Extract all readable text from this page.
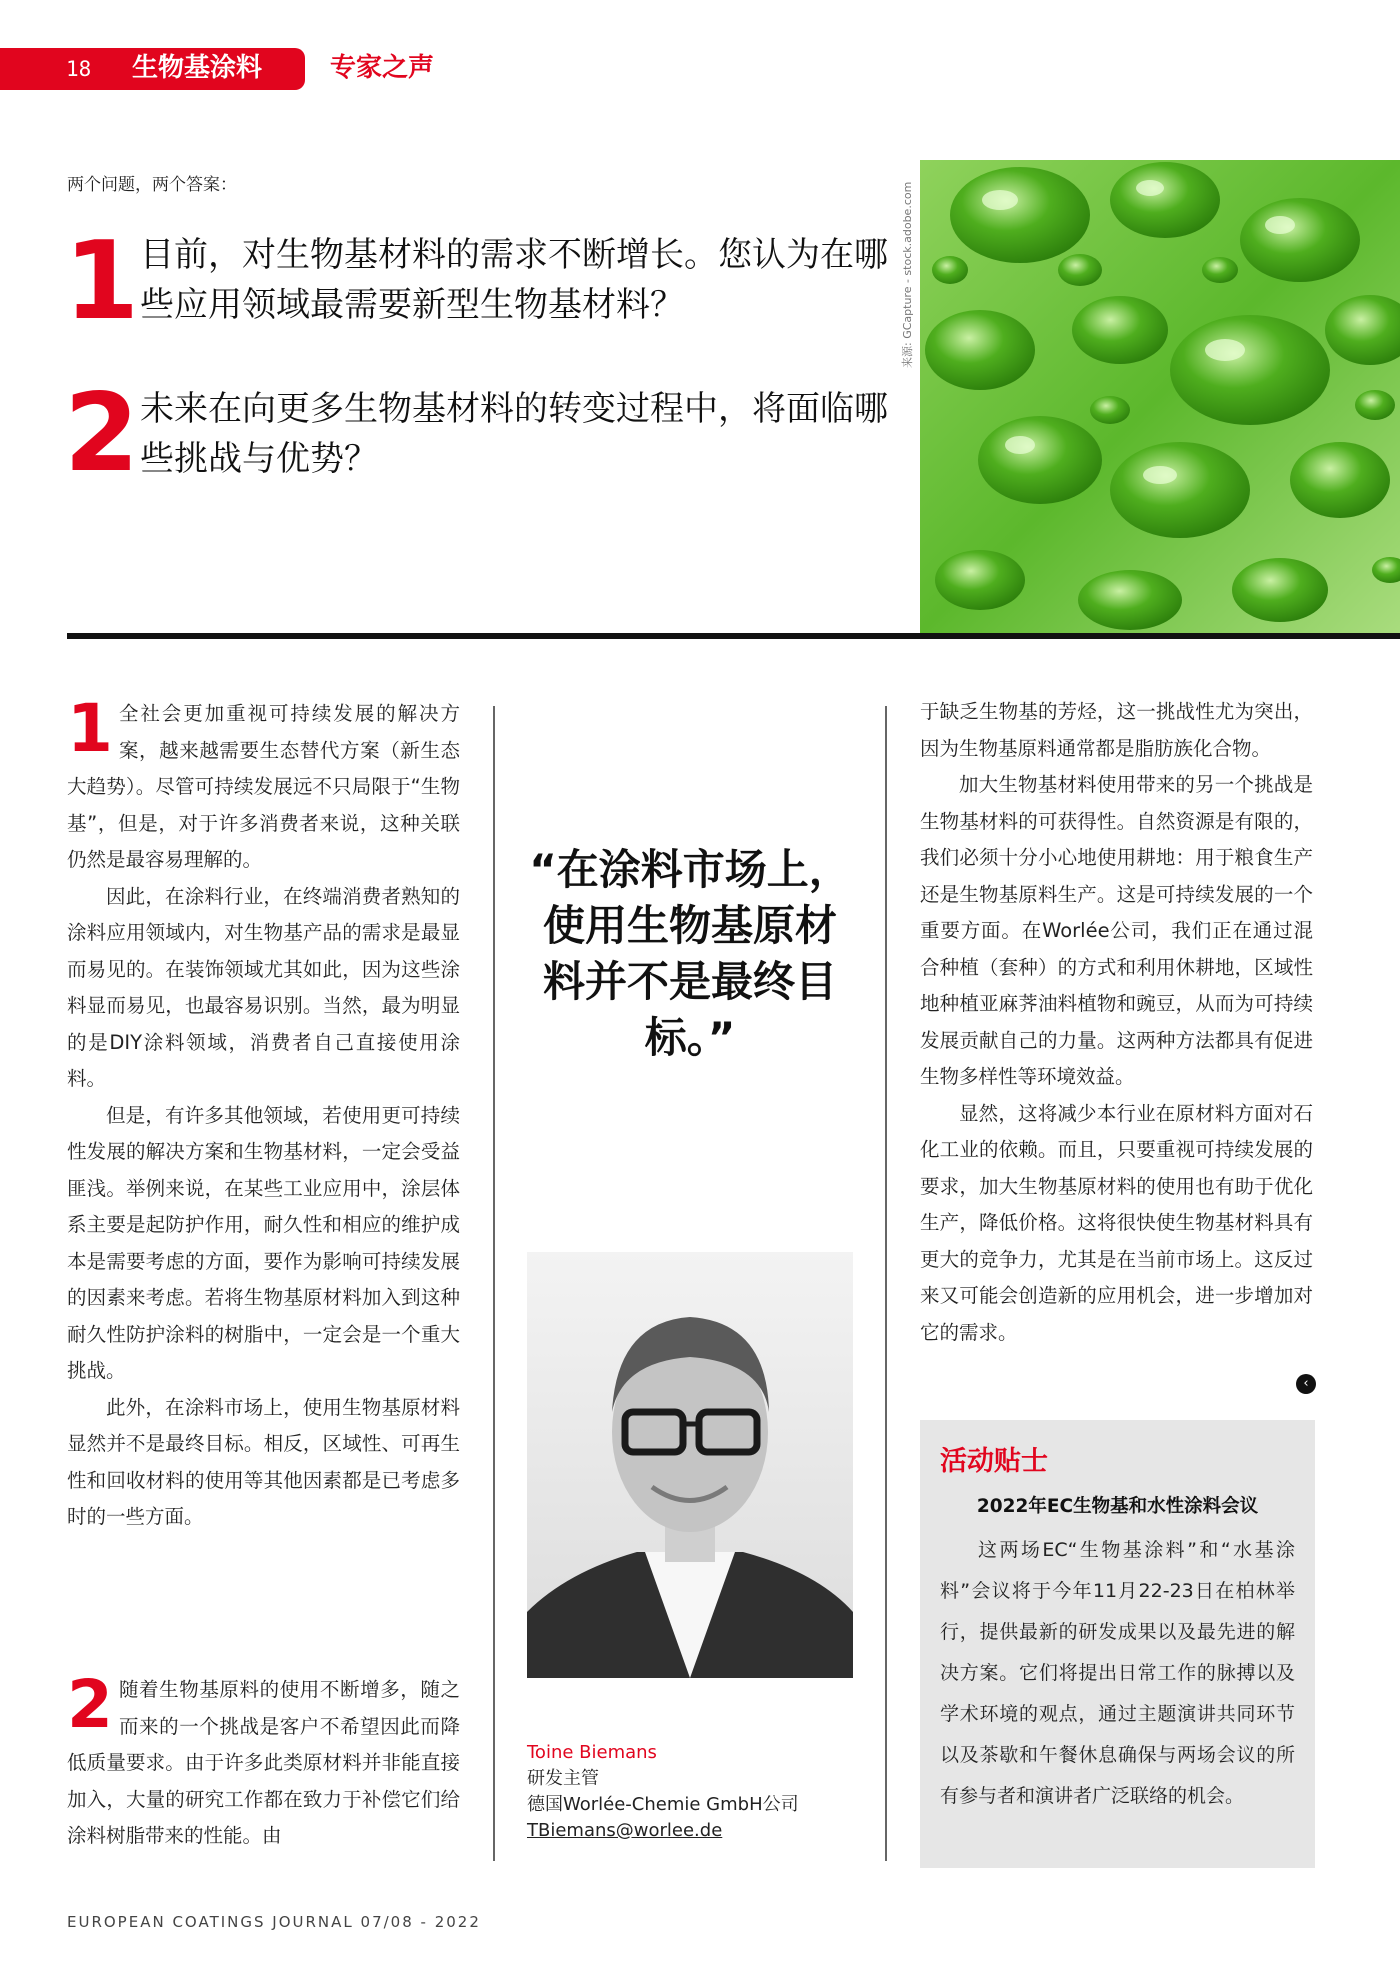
18 生物基涂料	专家之声
两个问题，两个答案：
1 目前，对生物基材料的需求不断增长。您认为在哪些应用领域最需要新型生物基材料？
2 未来在向更多生物基材料的转变过程中，将面临哪些挑战与优势？
来源: GCapture - stock.adobe.com
1 全社会更加重视可持续发展的解决方案，越来越需要生态替代方案（新生态大趋势）。尽管可持续发展远不只局限于“生物基”，但是，对于许多消费者来说，这种关联仍然是最容易理解的。

因此，在涂料行业，在终端消费者熟知的涂料应用领域内，对生物基产品的需求是最显而易见的。在装饰领域尤其如此，因为这些涂料显而易见，也最容易识别。当然，最为明显的是DIY涂料领域，消费者自己直接使用涂料。

但是，有许多其他领域，若使用更可持续性发展的解决方案和生物基材料，一定会受益匪浅。举例来说，在某些工业应用中，涂层体系主要是起防护作用，耐久性和相应的维护成本是需要考虑的方面，要作为影响可持续发展的因素来考虑。若将生物基原材料加入到这种耐久性防护涂料的树脂中，一定会是一个重大挑战。

此外，在涂料市场上，使用生物基原材料显然并不是最终目标。相反，区域性、可再生性和回收材料的使用等其他因素都是已考虑多时的一些方面。

2 随着生物基原料的使用不断增多，随之而来的一个挑战是客户不希望因此而降低质量要求。由于许多此类原材料并非能直接加入，大量的研究工作都在致力于补偿它们给涂料树脂带来的性能。由

“在涂料市场上，使用生物基原材料并不是最终目标。”
Toine Biemans
研发主管
德国Worlée-Chemie GmbH公司
TBiemans@worlee.de

于缺乏生物基的芳烃，这一挑战性尤为突出，因为生物基原料通常都是脂肪族化合物。

加大生物基材料使用带来的另一个挑战是生物基材料的可获得性。自然资源是有限的，我们必须十分小心地使用耕地：用于粮食生产还是生物基原料生产。这是可持续发展的一个重要方面。在Worlée公司，我们正在通过混合种植（套种）的方式和利用休耕地，区域性地种植亚麻荠油料植物和豌豆，从而为可持续发展贡献自己的力量。这两种方法都具有促进生物多样性等环境效益。

显然，这将减少本行业在原材料方面对石化工业的依赖。而且，只要重视可持续发展的要求，加大生物基原材料的使用也有助于优化生产，降低价格。这将很快使生物基材料具有更大的竞争力，尤其是在当前市场上。这反过来又可能会创造新的应用机会，进一步增加对它的需求。

‹
活动贴士
2022年EC生物基和水性涂料会议

这两场EC“生物基涂料”和“水基涂料”会议将于今年11月22-23日在柏林举行，提供最新的研发成果以及最先进的解决方案。它们将提出日常工作的脉搏以及学术环境的观点，通过主题演讲共同环节以及茶歇和午餐休息确保与两场会议的所有参与者和演讲者广泛联络的机会。

EUROPEAN COATINGS JOURNAL 07/08 - 2022
